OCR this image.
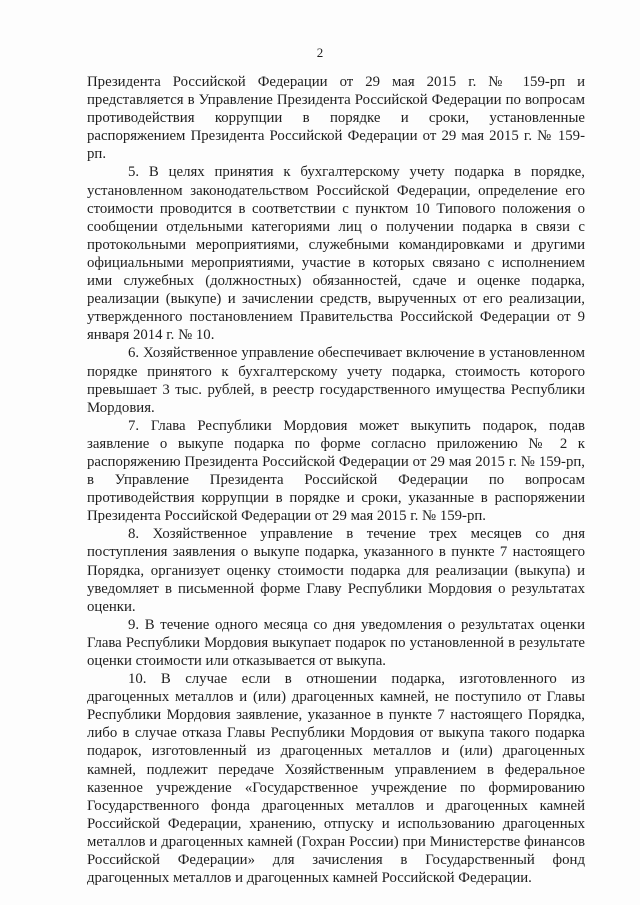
2

Президента Российской Федерации от 29 мая 2015 г. № 159-рп и представляется в Управление Президента Российской Федерации по вопросам противодействия коррупции в порядке и сроки, установленные распоряжением Президента Российской Федерации от 29 мая 2015 г. № 159-рп.

5. В целях принятия к бухгалтерскому учету подарка в порядке, установленном законодательством Российской Федерации, определение его стоимости проводится в соответствии с пунктом 10 Типового положения о сообщении отдельными категориями лиц о получении подарка в связи с протокольными мероприятиями, служебными командировками и другими официальными мероприятиями, участие в которых связано с исполнением ими служебных (должностных) обязанностей, сдаче и оценке подарка, реализации (выкупе) и зачислении средств, вырученных от его реализации, утвержденного постановлением Правительства Российской Федерации от 9 января 2014 г. № 10.

6. Хозяйственное управление обеспечивает включение в установленном порядке принятого к бухгалтерскому учету подарка, стоимость которого превышает 3 тыс. рублей, в реестр государственного имущества Республики Мордовия.

7. Глава Республики Мордовия может выкупить подарок, подав заявление о выкупе подарка по форме согласно приложению № 2 к распоряжению Президента Российской Федерации от 29 мая 2015 г. № 159-рп, в Управление Президента Российской Федерации по вопросам противодействия коррупции в порядке и сроки, указанные в распоряжении Президента Российской Федерации от 29 мая 2015 г. № 159-рп.

8. Хозяйственное управление в течение трех месяцев со дня поступления заявления о выкупе подарка, указанного в пункте 7 настоящего Порядка, организует оценку стоимости подарка для реализации (выкупа) и уведомляет в письменной форме Главу Республики Мордовия о результатах оценки.

9. В течение одного месяца со дня уведомления о результатах оценки Глава Республики Мордовия выкупает подарок по установленной в результате оценки стоимости или отказывается от выкупа.

10. В случае если в отношении подарка, изготовленного из драгоценных металлов и (или) драгоценных камней, не поступило от Главы Республики Мордовия заявление, указанное в пункте 7 настоящего Порядка, либо в случае отказа Главы Республики Мордовия от выкупа такого подарка подарок, изготовленный из драгоценных металлов и (или) драгоценных камней, подлежит передаче Хозяйственным управлением в федеральное казенное учреждение «Государственное учреждение по формированию Государственного фонда драгоценных металлов и драгоценных камней Российской Федерации, хранению, отпуску и использованию драгоценных металлов и драгоценных камней (Гохран России) при Министерстве финансов Российской Федерации» для зачисления в Государственный фонд драгоценных металлов и драгоценных камней Российской Федерации.
